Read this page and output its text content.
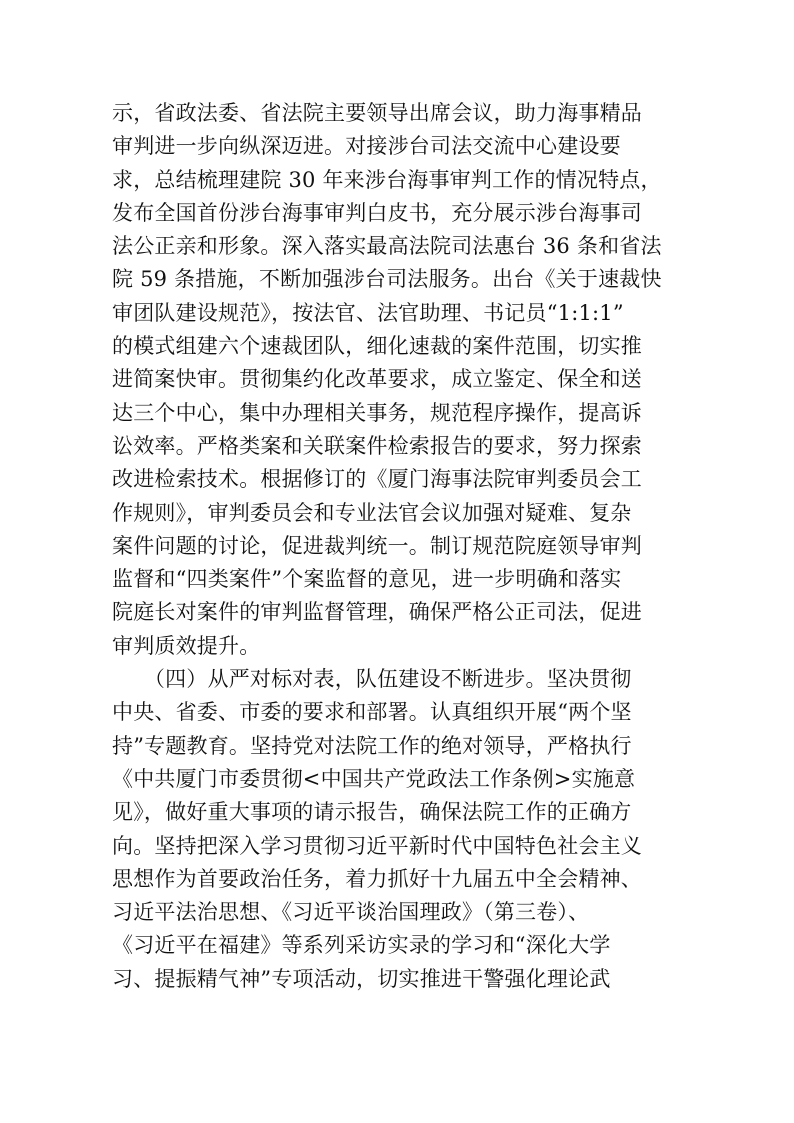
示，省政法委、省法院主要领导出席会议，助力海事精品
审判进一步向纵深迈进。对接涉台司法交流中心建设要
求，总结梳理建院 30 年来涉台海事审判工作的情况特点，
发布全国首份涉台海事审判白皮书，充分展示涉台海事司
法公正亲和形象。深入落实最高法院司法惠台 36 条和省法
院 59 条措施，不断加强涉台司法服务。出台《关于速裁快
审团队建设规范》，按法官、法官助理、书记员“1:1:1”
的模式组建六个速裁团队，细化速裁的案件范围，切实推
进简案快审。贯彻集约化改革要求，成立鉴定、保全和送
达三个中心，集中办理相关事务，规范程序操作，提高诉
讼效率。严格类案和关联案件检索报告的要求，努力探索
改进检索技术。根据修订的《厦门海事法院审判委员会工
作规则》，审判委员会和专业法官会议加强对疑难、复杂
案件问题的讨论，促进裁判统一。制订规范院庭领导审判
监督和“四类案件”个案监督的意见，进一步明确和落实
院庭长对案件的审判监督管理，确保严格公正司法，促进
审判质效提升。
　　（四）从严对标对表，队伍建设不断进步。坚决贯彻
中央、省委、市委的要求和部署。认真组织开展“两个坚
持”专题教育。坚持党对法院工作的绝对领导，严格执行
《中共厦门市委贯彻<中国共产党政法工作条例>实施意
见》，做好重大事项的请示报告，确保法院工作的正确方
向。坚持把深入学习贯彻习近平新时代中国特色社会主义
思想作为首要政治任务，着力抓好十九届五中全会精神、
习近平法治思想、《习近平谈治国理政》（第三卷）、
《习近平在福建》等系列采访实录的学习和“深化大学
习、提振精气神”专项活动，切实推进干警强化理论武
